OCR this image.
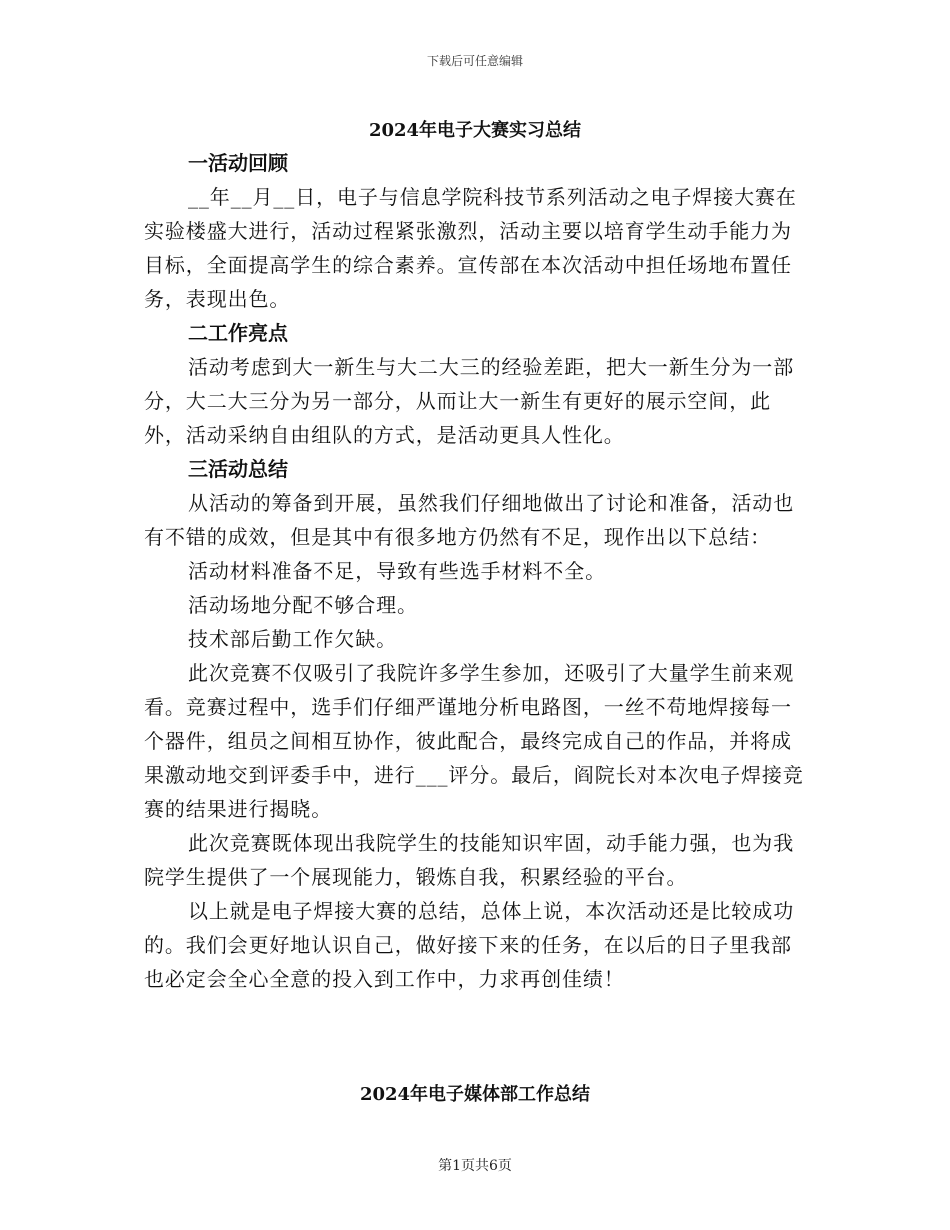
下载后可任意编辑
2024年电子大赛实习总结

一活动回顾

__年__月__日，电子与信息学院科技节系列活动之电子焊接大赛在实验楼盛大进行，活动过程紧张激烈，活动主要以培育学生动手能力为目标，全面提高学生的综合素养。宣传部在本次活动中担任场地布置任务，表现出色。

二工作亮点

活动考虑到大一新生与大二大三的经验差距，把大一新生分为一部分，大二大三分为另一部分，从而让大一新生有更好的展示空间，此外，活动采纳自由组队的方式，是活动更具人性化。

三活动总结

从活动的筹备到开展，虽然我们仔细地做出了讨论和准备，活动也有不错的成效，但是其中有很多地方仍然有不足，现作出以下总结：

活动材料准备不足，导致有些选手材料不全。

活动场地分配不够合理。

技术部后勤工作欠缺。

此次竞赛不仅吸引了我院许多学生参加，还吸引了大量学生前来观看。竞赛过程中，选手们仔细严谨地分析电路图，一丝不苟地焊接每一个器件，组员之间相互协作，彼此配合，最终完成自己的作品，并将成果激动地交到评委手中，进行___评分。最后，阎院长对本次电子焊接竞赛的结果进行揭晓。

此次竞赛既体现出我院学生的技能知识牢固，动手能力强，也为我院学生提供了一个展现能力，锻炼自我，积累经验的平台。

以上就是电子焊接大赛的总结，总体上说，本次活动还是比较成功的。我们会更好地认识自己，做好接下来的任务，在以后的日子里我部也必定会全心全意的投入到工作中，力求再创佳绩！

2024年电子媒体部工作总结
第1页共6页
